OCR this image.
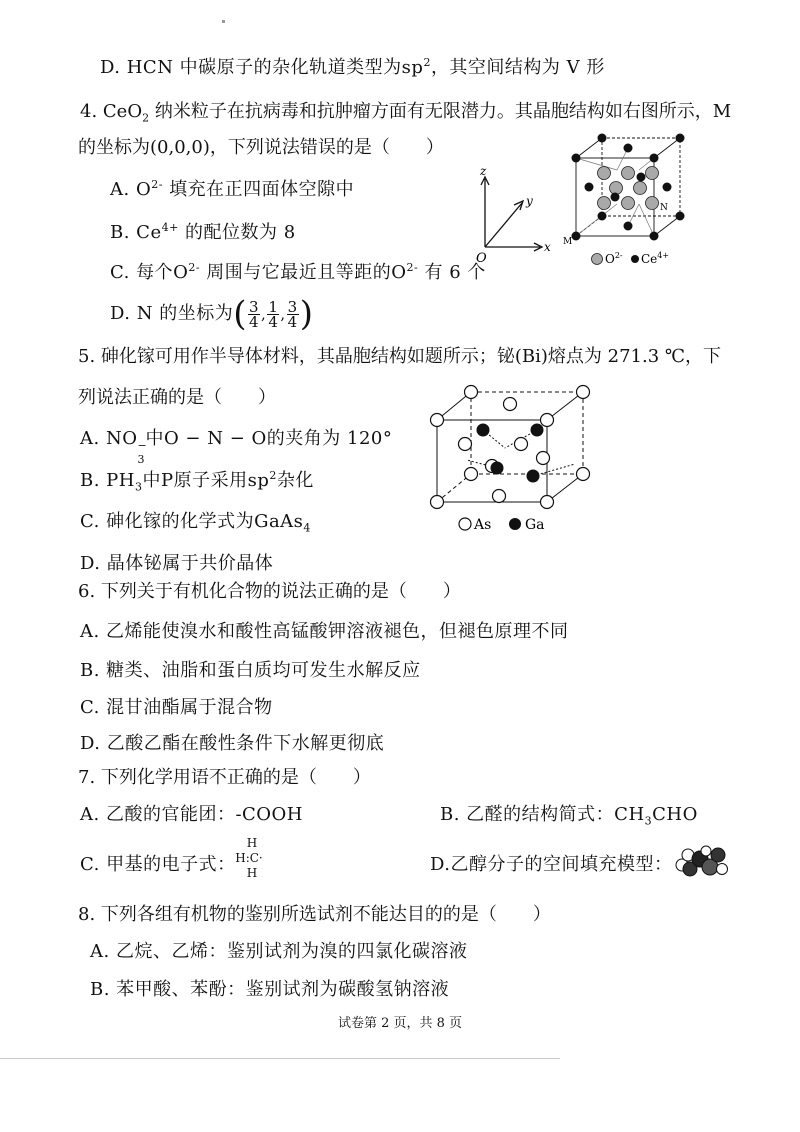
D. HCN 中碳原子的杂化轨道类型为$sp^2$，其空间结构为 V 形
4. CeO$_2$ 纳米粒子在抗病毒和抗肿瘤方面有无限潜力。其晶胞结构如右图所示，M
的坐标为(0,0,0)，下列说法错误的是（　　）
A. $O^{2-}$ 填充在正四面体空隙中
B. $Ce^{4+}$ 的配位数为 8
C. 每个$O^{2-}$ 周围与它最近且等距的$O^{2-}$ 有 6 个
D. N 的坐标为 ( 3
4 , 1
4 , 3
4 )
z
y
x
O
M
N
$O^{2-}$ $Ce^{4+}$
5. 砷化镓可用作半导体材料，其晶胞结构如题所示；铋(Bi)熔点为 271.3 ℃，下
列说法正确的是（　　）
A. NO −
3
中O − N − O的夹角为 120°
B. $PH_3$中P原子采用$sp^2$杂化
C. 砷化镓的化学式为GaAs$_4$
D. 晶体铋属于共价晶体
As Ga
6. 下列关于有机化合物的说法正确的是（　　）
A. 乙烯能使溴水和酸性高锰酸钾溶液褪色，但褪色原理不同
B. 糖类、油脂和蛋白质均可发生水解反应
C. 混甘油酯属于混合物
D. 乙酸乙酯在酸性条件下水解更彻底
7. 下列化学用语不正确的是（　　）
A. 乙酸的官能团：-COOH	B. 乙醛的结构简式：$CH_3CHO$
C. 甲基的电子式：
H
H:C·
H	D.乙醇分子的空间填充模型：
8. 下列各组有机物的鉴别所选试剂不能达目的的是（　　）
A. 乙烷、乙烯：鉴别试剂为溴的四氯化碳溶液
B. 苯甲酸、苯酚：鉴别试剂为碳酸氢钠溶液
试卷第 2 页，共 8 页
